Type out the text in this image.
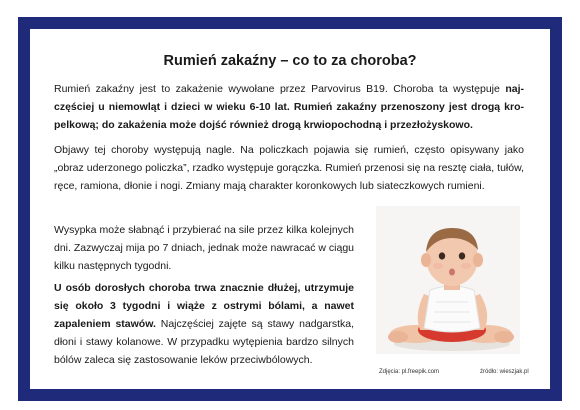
Rumień zakaźny – co to za choroba?
Rumień zakaźny jest to zakażenie wywołane przez Parvovirus B19. Choroba ta występuje najczęściej u niemowląt i dzieci w wieku 6-10 lat. Rumień zakaźny przenoszony jest drogą kropelkową; do zakażenia może dojść również drogą krwiopochodną i przezłożyskowo.
Objawy tej choroby występują nagle. Na policzkach pojawia się rumień, często opisywany jako „obraz uderzonego policzka”, rzadko występuje gorączka. Rumień przenosi się na resztę ciała, tułów, ręce, ramiona, dłonie i nogi. Zmiany mają charakter koronkowych lub siateczkowych rumieni.
Wysypka może słabnąć i przybierać na sile przez kilka kolejnych dni. Zazwyczaj mija po 7 dniach, jednak może nawracać w ciągu kilku następnych tygodni.
U osób dorosłych choroba trwa znacznie dłużej, utrzymuje się około 3 tygodni i wiąże z ostrymi bólami, a nawet zapaleniem stawów. Najczęściej zajęte są stawy nadgarstka, dłoni i stawy kolanowe. W przypadku wytępienia bardzo silnych bólów zaleca się zastosowanie leków przeciwbólowych.
Zdjęcia: pl.freepik.com	źródło: wieszjak.pl
